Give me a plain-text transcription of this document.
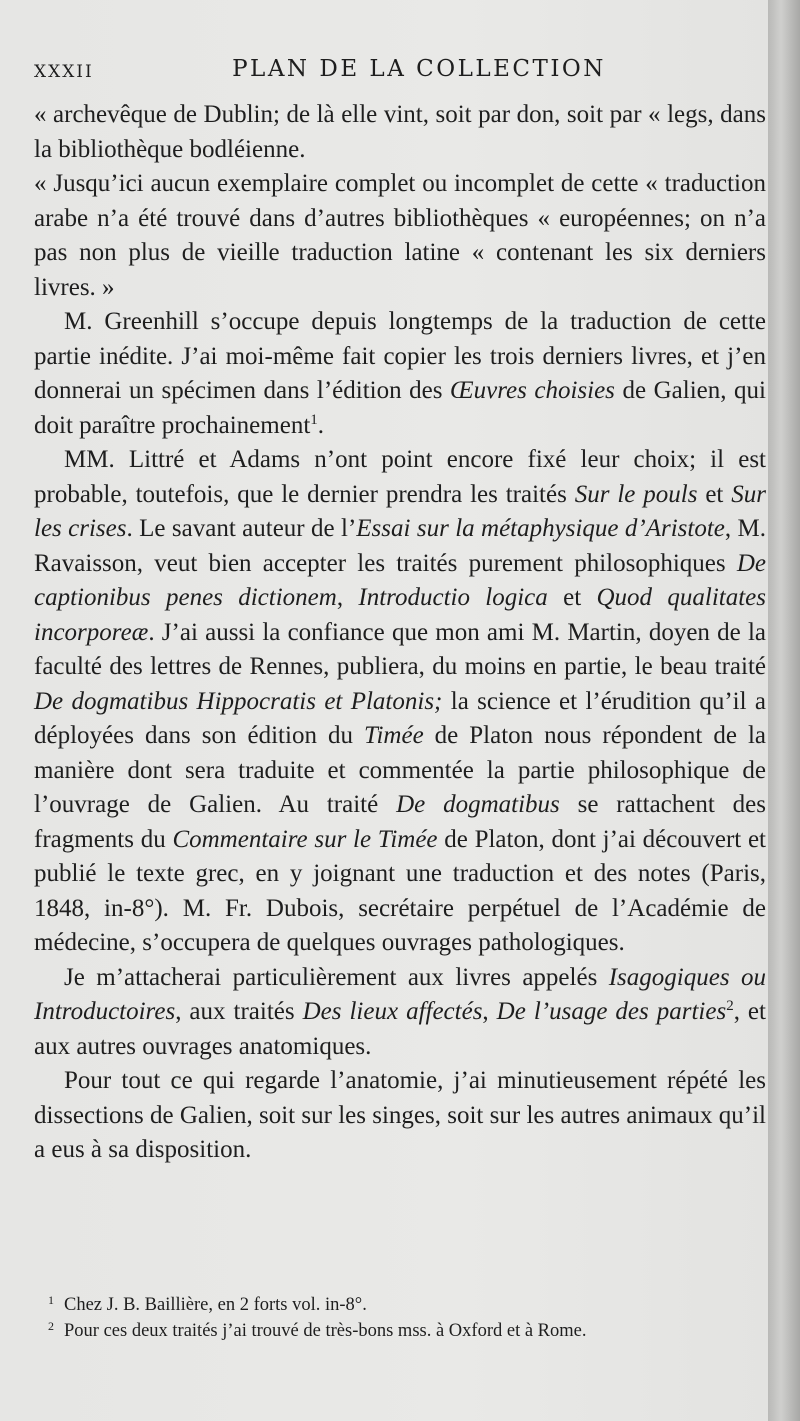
XXXII	PLAN DE LA COLLECTION

« archevêque de Dublin; de là elle vint, soit par don, soit par « legs, dans la bibliothèque bodléienne.

« Jusqu’ici aucun exemplaire complet ou incomplet de cette « traduction arabe n’a été trouvé dans d’autres bibliothèques « européennes; on n’a pas non plus de vieille traduction latine « contenant les six derniers livres. »

M. Greenhill s’occupe depuis longtemps de la traduction de cette partie inédite. J’ai moi-même fait copier les trois derniers livres, et j’en donnerai un spécimen dans l’édition des Œuvres choisies de Galien, qui doit paraître prochainement$^1$.

MM. Littré et Adams n’ont point encore fixé leur choix; il est probable, toutefois, que le dernier prendra les traités Sur le pouls et Sur les crises. Le savant auteur de l’Essai sur la métaphysique d’Aristote, M. Ravaisson, veut bien accepter les traités purement philosophiques De captionibus penes dictionem, Introductio logica et Quod qualitates incorporeæ. J’ai aussi la confiance que mon ami M. Martin, doyen de la faculté des lettres de Rennes, publiera, du moins en partie, le beau traité De dogmatibus Hippocratis et Platonis; la science et l’érudition qu’il a déployées dans son édition du Timée de Platon nous répondent de la manière dont sera traduite et commentée la partie philosophique de l’ouvrage de Galien. Au traité De dogmatibus se rattachent des fragments du Commentaire sur le Timée de Platon, dont j’ai découvert et publié le texte grec, en y joignant une traduction et des notes (Paris, 1848, in-8°). M. Fr. Dubois, secrétaire perpétuel de l’Académie de médecine, s’occupera de quelques ouvrages pathologiques.

Je m’attacherai particulièrement aux livres appelés Isagogiques ou Introductoires, aux traités Des lieux affectés, De l’usage des parties$^2$, et aux autres ouvrages anatomiques.

Pour tout ce qui regarde l’anatomie, j’ai minutieusement répété les dissections de Galien, soit sur les singes, soit sur les autres animaux qu’il a eus à sa disposition.

$^1$ Chez J. B. Baillière, en 2 forts vol. in-8°.
$^2$ Pour ces deux traités j’ai trouvé de très-bons mss. à Oxford et à Rome.
